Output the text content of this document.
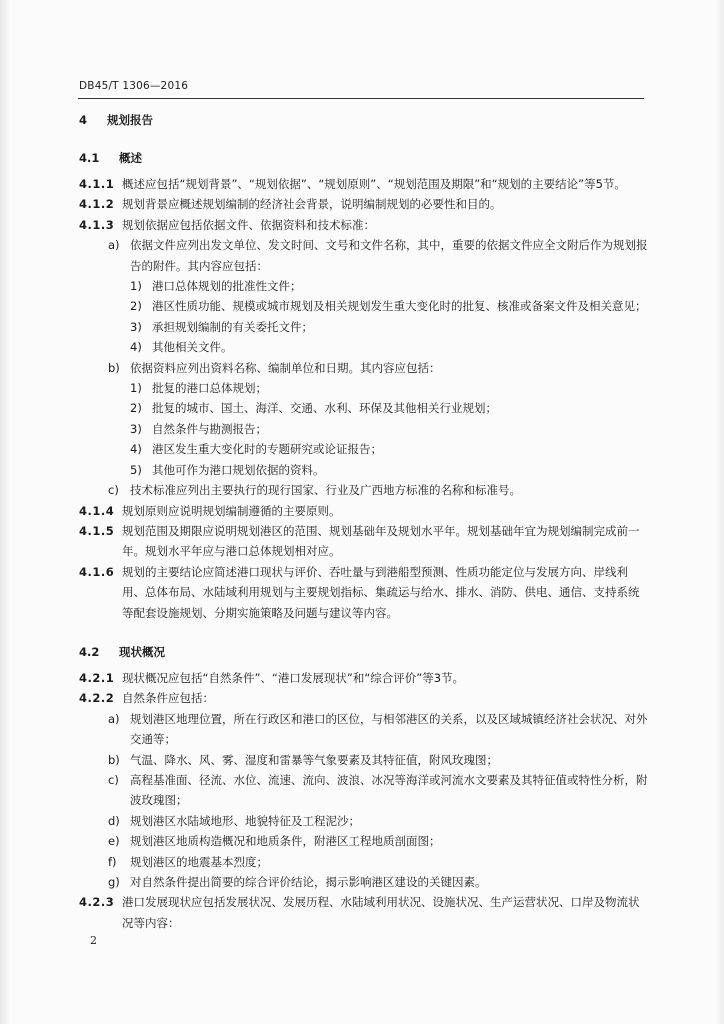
DB45/T 1306—2016
4 规划报告
4.1 概述
4.1.1 概述应包括“规划背景”、“规划依据”、“规划原则”、“规划范围及期限”和“规划的主要结论”等5节。
4.1.2 规划背景应概述规划编制的经济社会背景，说明编制规划的必要性和目的。
4.1.3 规划依据应包括依据文件、依据资料和技术标准：
a) 依据文件应列出发文单位、发文时间、文号和文件名称，其中，重要的依据文件应全文附后作为规划报告的附件。其内容应包括：
1) 港口总体规划的批准性文件；
2) 港区性质功能、规模或城市规划及相关规划发生重大变化时的批复、核准或备案文件及相关意见；
3) 承担规划编制的有关委托文件；
4) 其他相关文件。
b) 依据资料应列出资料名称、编制单位和日期。其内容应包括：
1) 批复的港口总体规划；
2) 批复的城市、国土、海洋、交通、水利、环保及其他相关行业规划；
3) 自然条件与勘测报告；
4) 港区发生重大变化时的专题研究或论证报告；
5) 其他可作为港口规划依据的资料。
c) 技术标准应列出主要执行的现行国家、行业及广西地方标准的名称和标准号。
4.1.4 规划原则应说明规划编制遵循的主要原则。
4.1.5 规划范围及期限应说明规划港区的范围、规划基础年及规划水平年。规划基础年宜为规划编制完成前一年。规划水平年应与港口总体规划相对应。
4.1.6 规划的主要结论应简述港口现状与评价、吞吐量与到港船型预测、性质功能定位与发展方向、岸线利用、总体布局、水陆域利用规划与主要规划指标、集疏运与给水、排水、消防、供电、通信、支持系统等配套设施规划、分期实施策略及问题与建议等内容。
4.2 现状概况
4.2.1 现状概况应包括“自然条件”、“港口发展现状”和“综合评价”等3节。
4.2.2 自然条件应包括：
a) 规划港区地理位置，所在行政区和港口的区位，与相邻港区的关系，以及区域城镇经济社会状况、对外交通等；
b) 气温、降水、风、雾、湿度和雷暴等气象要素及其特征值，附风玫瑰图；
c) 高程基准面、径流、水位、流速、流向、波浪、冰况等海洋或河流水文要素及其特征值或特性分析，附波玫瑰图；
d) 规划港区水陆域地形、地貌特征及工程泥沙；
e) 规划港区地质构造概况和地质条件，附港区工程地质剖面图；
f) 规划港区的地震基本烈度；
g) 对自然条件提出简要的综合评价结论，揭示影响港区建设的关键因素。
4.2.3 港口发展现状应包括发展状况、发展历程、水陆域利用状况、设施状况、生产运营状况、口岸及物流状况等内容：
2
